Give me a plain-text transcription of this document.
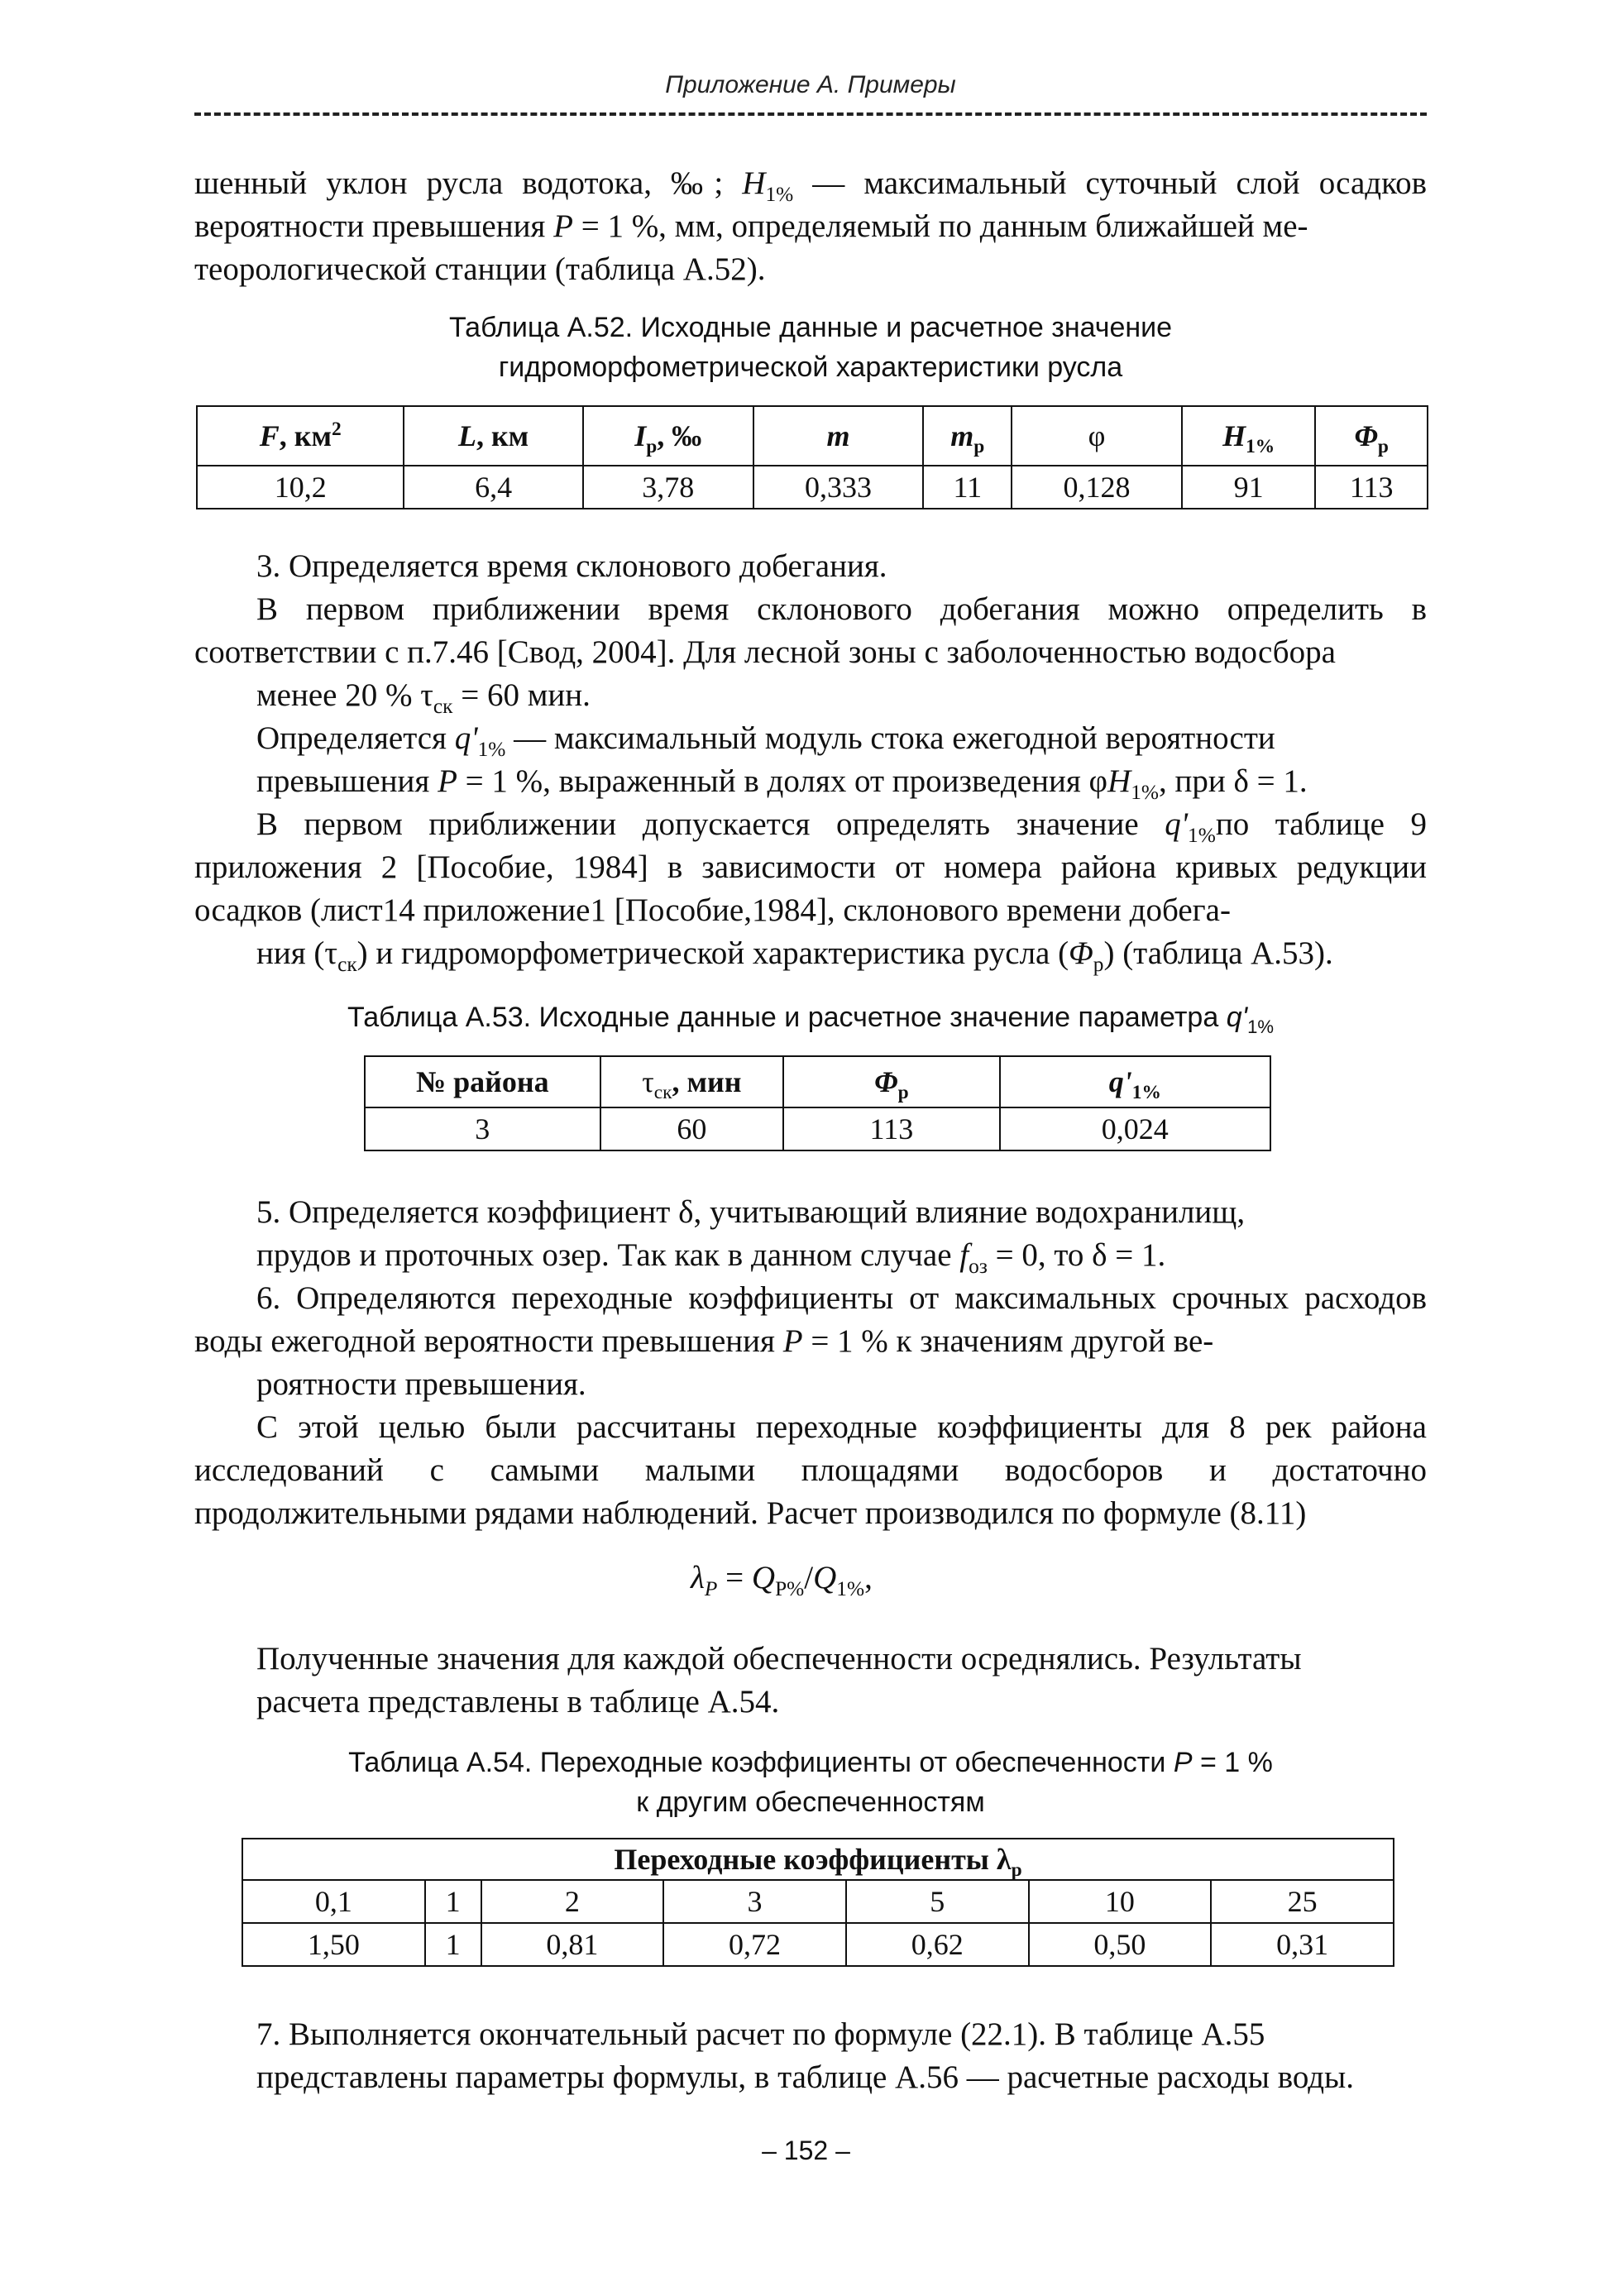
Приложение А. Примеры

шенный уклон русла водотока, ‰; $H_{1\%}$ — максимальный суточный слой осадков вероятности превышения P = 1 %, мм, определяемый по данным ближайшей ме-
теорологической станции (таблица А.52).

Таблица А.52. Исходные данные и расчетное значение
гидроморфометрической характеристики русла
F, $км^2$	L, км	$I_р$, ‰	m	$m_р$	φ	$H_{1\%}$	$\Phi_р$
10,2	6,4	3,78	0,333	11	0,128	91	113

3. Определяется время склонового добегания.

В первом приближении время склонового добегания можно определить в соответствии с п.7.46 [Свод, 2004]. Для лесной зоны с заболоченностью водосбора
менее 20 % $\tau_{ск} = 60$ мин.

Определяется $q'_{1\%}$ — максимальный модуль стока ежегодной вероятности
превышения P = 1 %, выраженный в долях от произведения $\varphi H_{1\%}$, при δ = 1.

В первом приближении допускается определять значение $q'_{1\%}по$ таблице 9 приложения 2 [Пособие, 1984] в зависимости от номера района кривых редукции осадков (лист14 приложение1 [Пособие,1984], склонового времени добега-
ния $(\tau_{ск})$ и гидроморфометрической характеристика русла $(\Phi_р)$ (таблица А.53).

Таблица А.53. Исходные данные и расчетное значение параметра $q'_{1\%}$
№ района	$\tau_{ск}$, мин	$\Phi_р$	$q'_{1\%}$
3	60	113	0,024

5. Определяется коэффициент δ, учитывающий влияние водохранилищ,
прудов и проточных озер. Так как в данном случае $f_{оз} = 0$, то δ = 1.

6. Определяются переходные коэффициенты от максимальных срочных расходов воды ежегодной вероятности превышения P = 1 % к значениям другой ве-
роятности превышения.

С этой целью были рассчитаны переходные коэффициенты для 8 рек района исследований с самыми малыми площадями водосборов и достаточно продолжительными рядами наблюдений. Расчет производился по формуле (8.11)

$\lambda_P = Q_{P\%}/Q_{1\%}$,

Полученные значения для каждой обеспеченности осреднялись. Результаты
расчета представлены в таблице А.54.

Таблица А.54. Переходные коэффициенты от обеспеченности P = 1 %
к другим обеспеченностям
Переходные коэффициенты $\lambda_р$
0,1	1	2	3	5	10	25
1,50	1	0,81	0,72	0,62	0,50	0,31

7. Выполняется окончательный расчет по формуле (22.1). В таблице А.55
представлены параметры формулы, в таблице А.56 — расчетные расходы воды.

– 152 –
